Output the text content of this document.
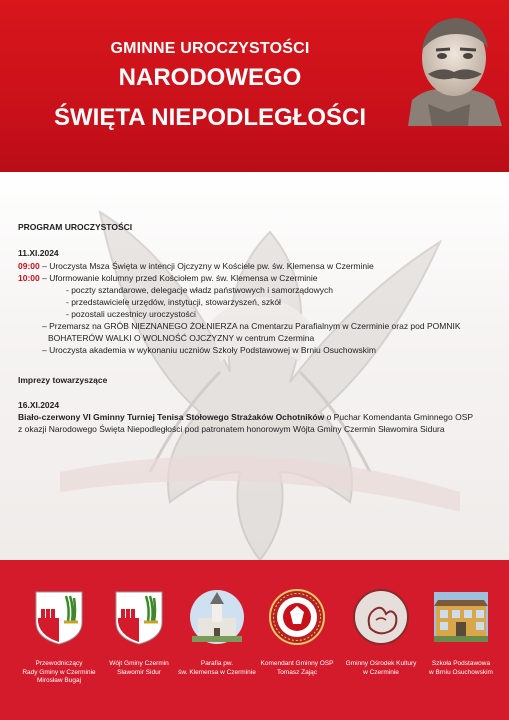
GMINNE UROCZYSTOŚCI
NARODOWEGO
ŚWIĘTA NIEPODLEGŁOŚCI
PROGRAM UROCZYSTOŚCI
11.XI.2024
09:00 – Uroczysta Msza Święta w intencji Ojczyzny w Kościele pw. św. Klemensa w Czerminie
10:00 – Uformowanie kolumny przed Kościołem pw. św. Klemensa w Czerminie
- poczty sztandarowe, delegacje władz państwowych i samorządowych
- przedstawiciele urzędów, instytucji, stowarzyszeń, szkół
- pozostali uczestnicy uroczystości
– Przemarsz na GRÓB NIEZNANEGO ŻOŁNIERZA na Cmentarzu Parafialnym w Czerminie oraz pod POMNIK
BOHATERÓW WALKI O WOLNOŚĆ OJCZYZNY w centrum Czermina
– Uroczysta akademia w wykonaniu uczniów Szkoły Podstawowej w Brniu Osuchowskim
Imprezy towarzyszące
16.XI.2024
Biało-czerwony VI Gminny Turniej Tenisa Stołowego Strażaków Ochotników o Puchar Komendanta Gminnego OSP
z okazji Narodowego Święta Niepodległości pod patronatem honorowym Wójta Gminy Czermin Sławomira Sidura
Przewodniczący
Rady Gminy w Czerminie
Mirosław Bugaj
Wójt Gminy Czermin
Sławomir Sidur
Parafia pw.
św. Klemensa w Czerminie
Komendant Gminny OSP
Tomasz Zając
Gminny Ośrodek Kultury
w Czerminie
Szkoła Podstawowa
w Brniu Osuchowskim
